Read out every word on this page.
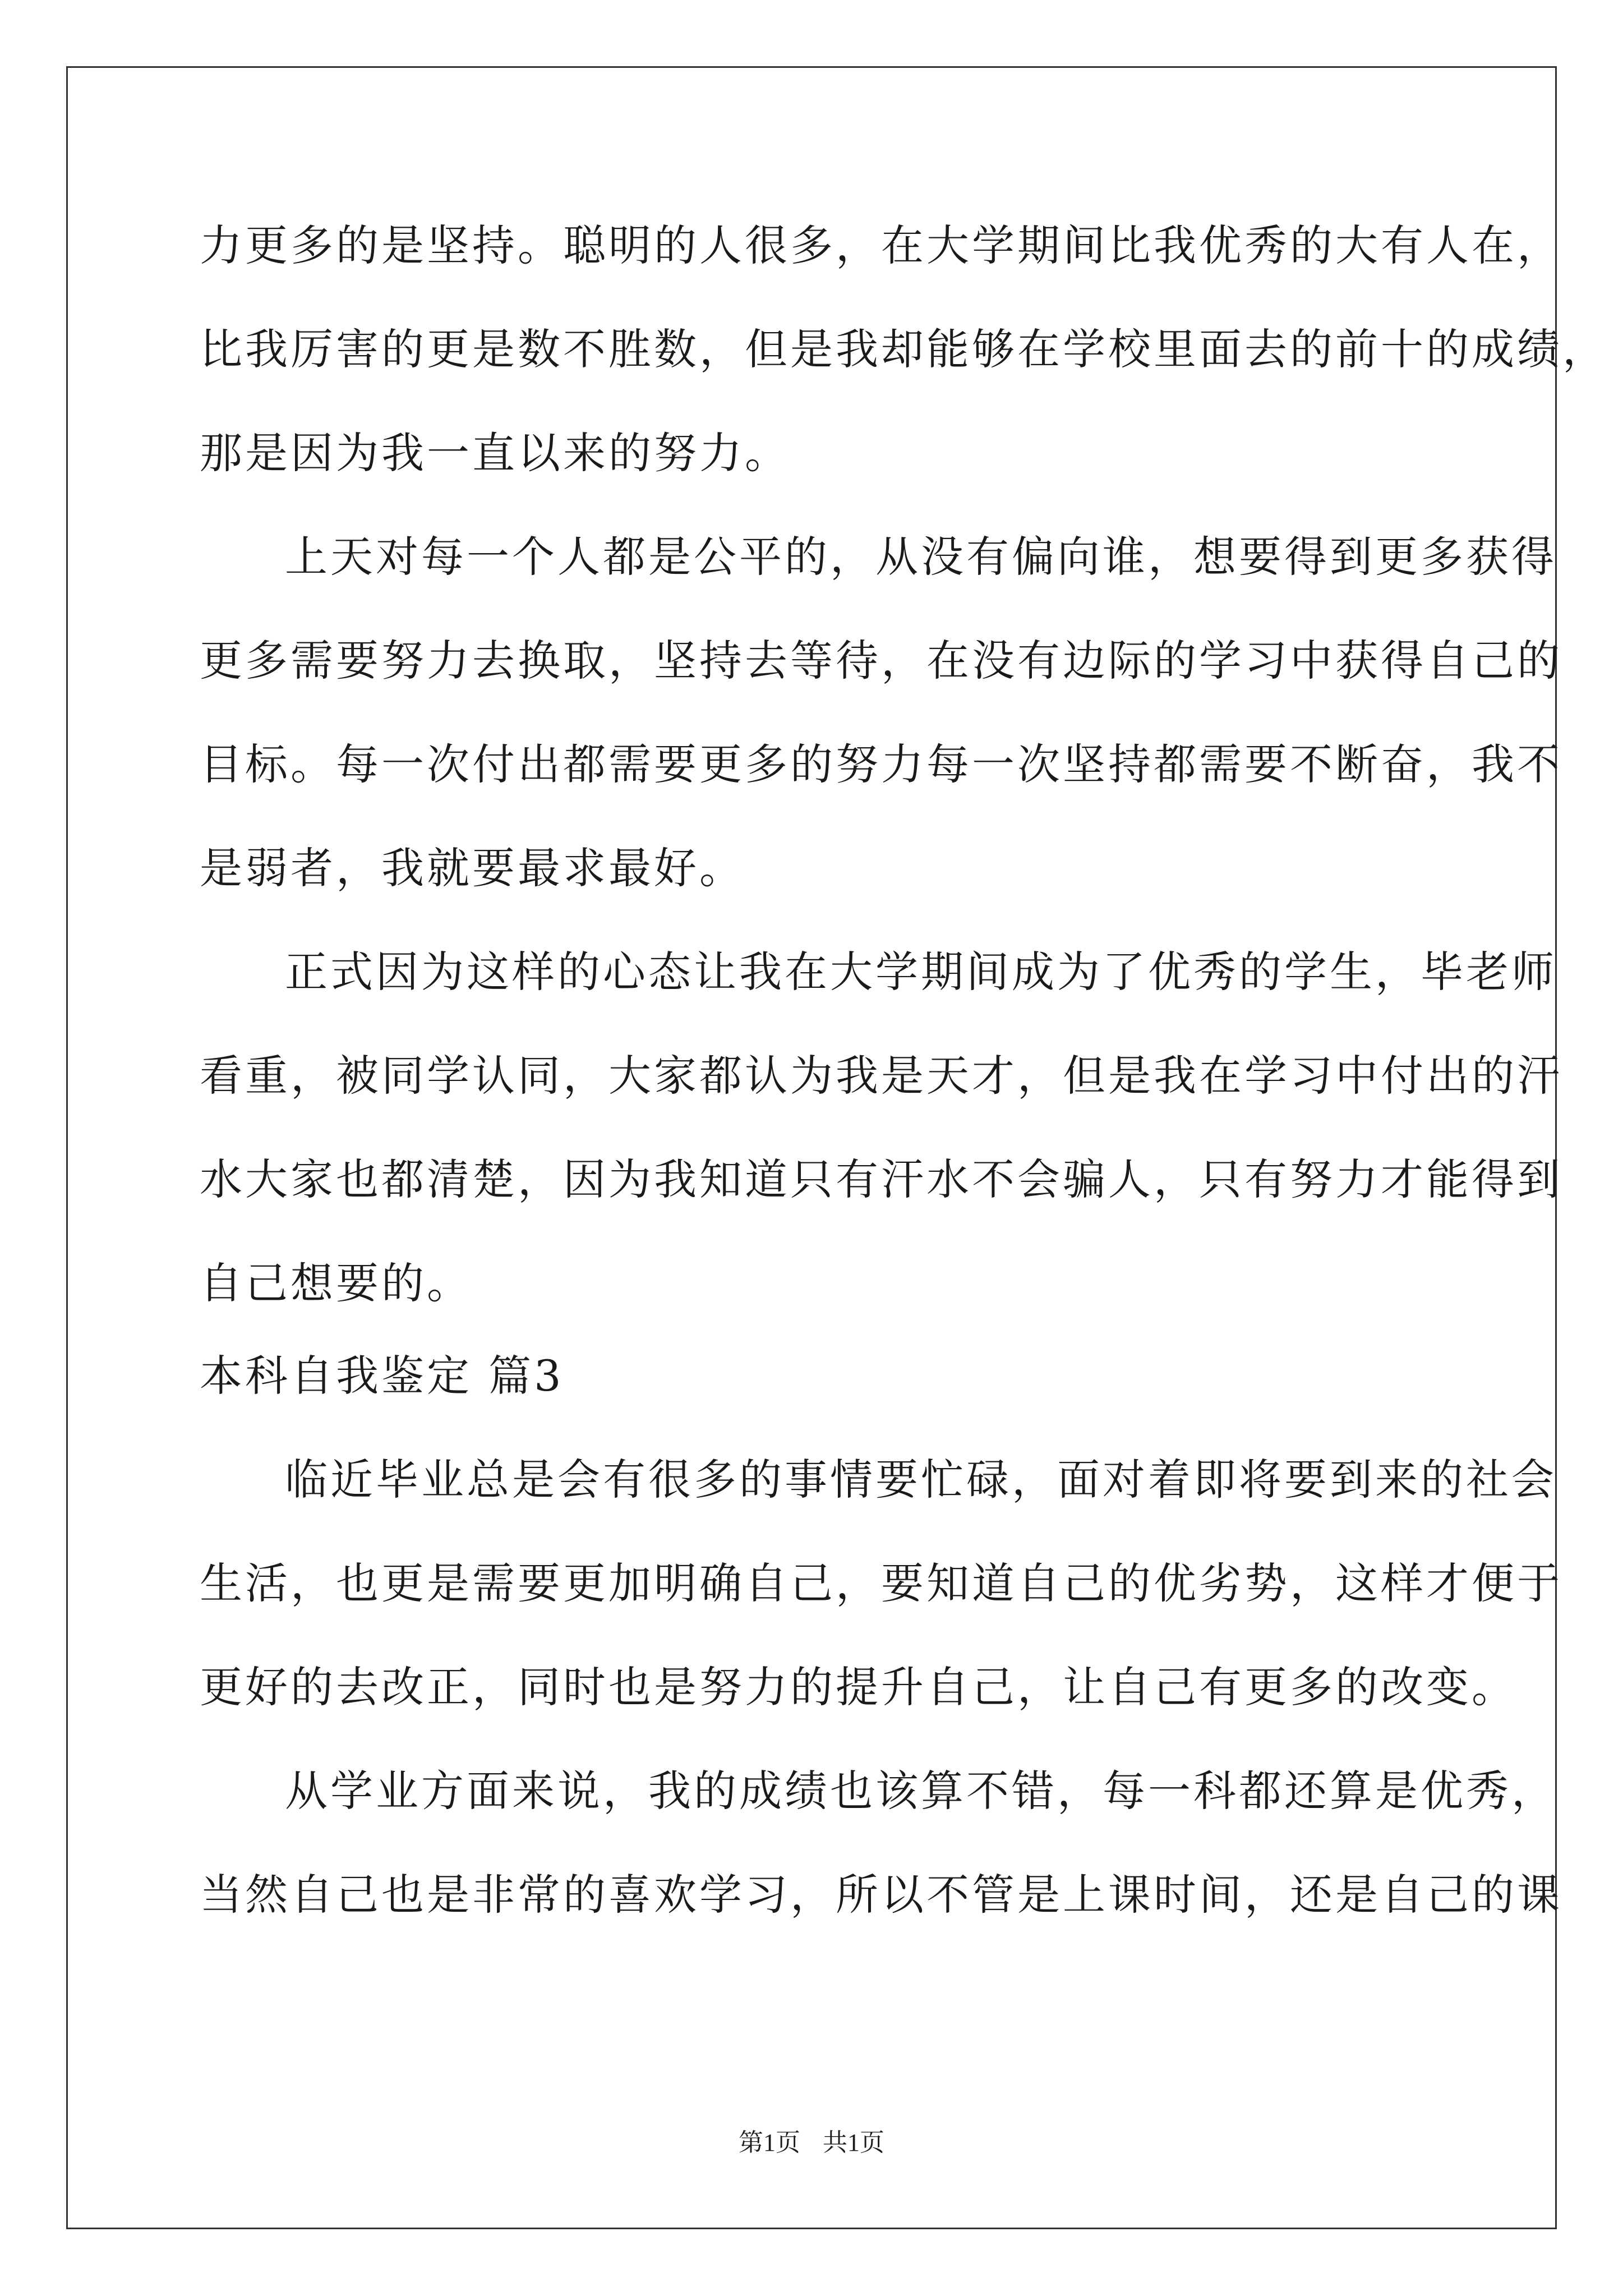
力更多的是坚持。聪明的人很多，在大学期间比我优秀的大有人在，
比我厉害的更是数不胜数，但是我却能够在学校里面去的前十的成绩，
那是因为我一直以来的努力。
上天对每一个人都是公平的，从没有偏向谁，想要得到更多获得
更多需要努力去换取，坚持去等待，在没有边际的学习中获得自己的
目标。每一次付出都需要更多的努力每一次坚持都需要不断奋，我不
是弱者，我就要最求最好。
正式因为这样的心态让我在大学期间成为了优秀的学生，毕老师
看重，被同学认同，大家都认为我是天才，但是我在学习中付出的汗
水大家也都清楚，因为我知道只有汗水不会骗人，只有努力才能得到
自己想要的。
本科自我鉴定 篇3
临近毕业总是会有很多的事情要忙碌，面对着即将要到来的社会
生活，也更是需要更加明确自己，要知道自己的优劣势，这样才便于
更好的去改正，同时也是努力的提升自己，让自己有更多的改变。
从学业方面来说，我的成绩也该算不错，每一科都还算是优秀，
当然自己也是非常的喜欢学习，所以不管是上课时间，还是自己的课
第1页 共1页
